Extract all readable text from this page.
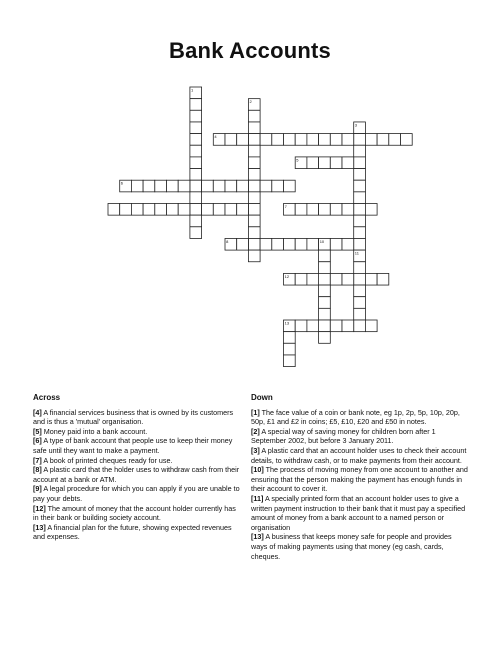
Bank Accounts
1
2
3
4
5
6
7
8	10
11
12
13
Across
[4] A financial services business that is owned by its customers and is thus a 'mutual' organisation.
[5] Money paid into a bank account.
[6] A type of bank account that people use to keep their money safe until they want to make a payment.
[7] A book of printed cheques ready for use.
[8] A plastic card that the holder uses to withdraw cash from their account at a bank or ATM.
[9] A legal procedure for which you can apply if you are unable to pay your debts.
[12] The amount of money that the account holder currently has in their bank or building society account.
[13] A financial plan for the future, showing expected revenues and expenses.
Down
[1] The face value of a coin or bank note, eg 1p, 2p, 5p, 10p, 20p, 50p, £1 and £2 in coins; £5, £10, £20 and £50 in notes.
[2] A special way of saving money for children born after 1 September 2002, but before 3 January 2011.
[3] A plastic card that an account holder uses to check their account details, to withdraw cash, or to make payments from their account.
[10] The process of moving money from one account to another and ensuring that the person making the payment has enough funds in their account to cover it.
[11] A specially printed form that an account holder uses to give a written payment instruction to their bank that it must pay a specified amount of money from a bank account to a named person or organisation
[13] A business that keeps money safe for people and provides ways of making payments using that money (eg cash, cards, cheques.
